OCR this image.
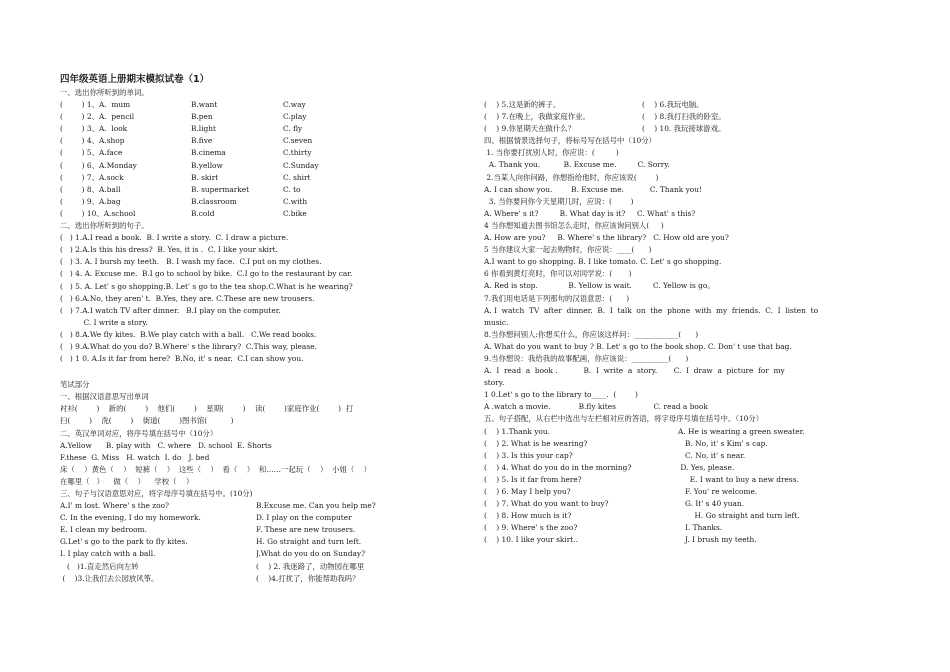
四年级英语上册期末模拟试卷（1）
一、选出你所听到的单词。
(        ) 1、A.  mum	B.want	C.way
(        ) 2、A.  pencil	B.pen	C.play
(        ) 3、A.  look	B.light	C. fly
(        ) 4、A.shop	B.five	C.seven
(        ) 5、A.face	B.cinema	C.thirty
(        ) 6、A.Monday	B.yellow	C.Sunday
(        ) 7、A.sock	B. skirt	C. shirt
(        ) 8、A.ball	B. supermarket	C. to
(        ) 9、A.bag	B.classroom	C.with
(        ) 10、A.school	B.cold	C.bike
二、选出你所听到的句子。
(   ) 1.A.I read a book.  B. I write a story.  C. I draw a picture.
(   ) 2.A.Is this his dress?  B. Yes, it is .  C. I like your skirt.
(   ) 3. A. I bursh my teeth.   B. I wash my face.  C.I put on my clothes.
(   ) 4. A. Excuse me.  B.I go to school by bike.  C.I go to the restaurant by car.
(   ) 5. A. Let' s go shopping.B. Let' s go to the tea shop.C.What is he wearing?
(   ) 6.A.No, they aren' t.  B.Yes, they are. C.These are new trousers.
(   ) 7.A.I watch TV after dinner.   B.I play on the computer.
C. I write a story.
(   ) 8.A.We fly kites.  B.We play catch with a ball.   C.We read books.
(   ) 9.A.What do you do? B.Where' s the library?  C.This way, please.
(   ) 1 0. A.Is it far from here?  B.No, it' s near.  C.I can show you.
笔试部分
一、根据汉语意思写出单词
衬衫(        )    新的(        )    他们(        )    星期(        )    读(        )家庭作业(        )  打
扫(        )    洗(        )    街道(        )图书馆(          )
二、英汉单词对应，将序号填在括号中（10分）
A.Yellow      B. play with   C. where   D. school  E. Shorts
F.these  G. Miss   H. watch  I. do   J. bed
床（    ）黄色（    ）  短裤（    ）  这些（    ）  看（    ）  和……一起玩（    ）  小姐（    ）
在哪里（   ）    做（    ）    学校（    ）
三、句子与汉语意思对应，将字母序号填在括号中。(10分)
A.I' m lost. Where' s the zoo?	B.Excuse me. Can you help me?
C. In the evening, I do my homework.	D. I play on the computer
E. I clean my bedroom.	F. These are new trousers.
G.Let' s go to the park to fly kites.	H. Go straight and turn left.
I. I play catch with a ball.	J.What do you do on Sunday?
(   )1.直走然后向左转	(    ) 2. 我迷路了，动物园在哪里
(    )3.让我们去公园放风筝。	(    )4.打扰了，你能帮助我吗？
(    ) 5.这是新的裤子。	(    ) 6.我玩电脑。
(    ) 7.在晚上，我做家庭作业。	(    ) 8.我打扫我的卧室。
(    ) 9.你星期天在做什么？	(    ) 10. 我玩接球游戏。
四、根据情景选择句子，将标号写在括号中（10分）
1. 当你要打扰别人时，你应说：(         )
A. Thank you.          B. Excuse me.         C. Sorry.
2.当某人向你问路，你想指给他时，你应该说(        )
A. I can show you.        B. Excuse me.           C. Thank you!
3. 当你要问你今天星期几时，应说：(        )
A. Where' s it?         B. What day is it?     C. What' s this?
4 当你想知道去图书馆怎么走时，你应该询问别人(     )
A. How are you?     B. Where' s the library?   C. How old are you?
5 当你建议大家一起去购物时，你应说：____(      )
A.I want to go shopping. B. I like tomato. C. Let' s go shopping.
6 你看到黄灯亮时，你可以对同学说：(       )
A. Red is stop.             B. Yellow is wait.         C. Yellow is go。
7.我们用电话是下列那句的汉语意思：(      )
A. I  watch  TV  after  dinner.  B.  I  talk  on  the  phone  with  my  friends.  C.  I  listen  to
music.
8.当你想问别人:你想买什么，你应该这样问：____________(      )
A. What do you want to buy ? B. Let' s go to the book shop. C. Don' t use that bag.
9.当你想说：我给我的故事配画，你应该说：__________(      )
A.  I  read  a  book .           B.  I  write  a  story.       C.  I  draw  a  picture  for  my
story.
1 0.Let' s go to the library to____.  (        )
A .watch a movie.            B.fly kites                C. read a book
五、句子搭配，从右栏中选出与左栏相对应的答语，将字母序号填在括号中。（10分）
(    ) 1.Thank you.	A. He is wearing a green sweater.
(    ) 2. What is he wearing?	B. No, it' s Kim' s cap.
(    ) 3. Is this your cap?	C. No, it' s near.
(    ) 4. What do you do in the morning?	D. Yes, please.
(    ) 5. Is it far from here?	E. I want to buy a new dress.
(    ) 6. May I help you?	F. You' re welcome.
(    ) 7. What do you want to buy?	G. It' s 40 yuan.
(    ) 8. How much is it?	H. Go straight and turn left.
(    ) 9. Where' s the zoo?	I. Thanks.
(    ) 10. I like your skirt..	J. I brush my teeth.
